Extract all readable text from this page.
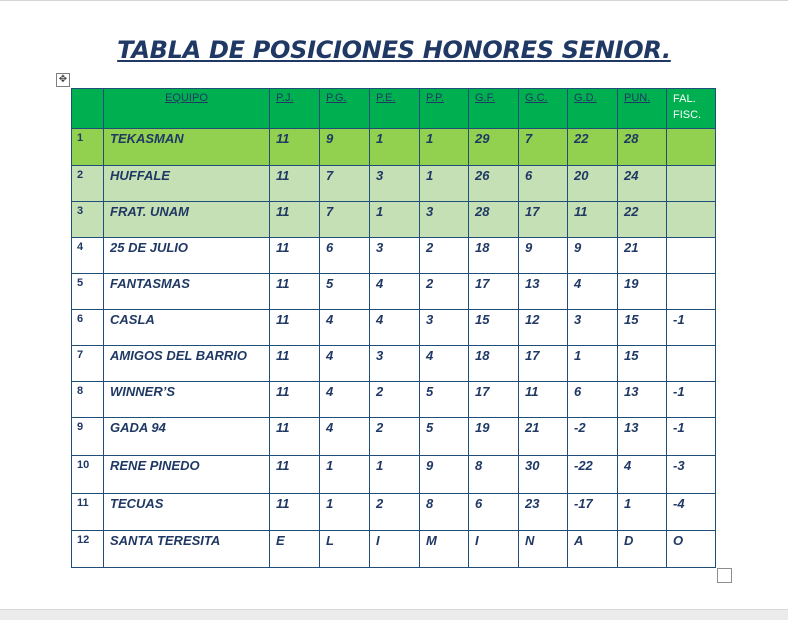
TABLA DE POSICIONES HONORES SENIOR.
✥
	EQUIPO	P.J.	P.G.	P.E.	P.P.	G.F.	G.C.	G.D.	PUN.	FAL. FISC.
1	TEKASMAN	11	9	1	1	29	7	22	28	
2	HUFFALE	11	7	3	1	26	6	20	24	
3	FRAT. UNAM	11	7	1	3	28	17	11	22	
4	25 DE JULIO	11	6	3	2	18	9	9	21	
5	FANTASMAS	11	5	4	2	17	13	4	19	
6	CASLA	11	4	4	3	15	12	3	15	-1
7	AMIGOS DEL BARRIO	11	4	3	4	18	17	1	15	
8	WINNER’S	11	4	2	5	17	11	6	13	-1
9	GADA 94	11	4	2	5	19	21	-2	13	-1
10	RENE PINEDO	11	1	1	9	8	30	-22	4	-3
11	TECUAS	11	1	2	8	6	23	-17	1	-4
12	SANTA TERESITA	E	L	I	M	I	N	A	D	O
